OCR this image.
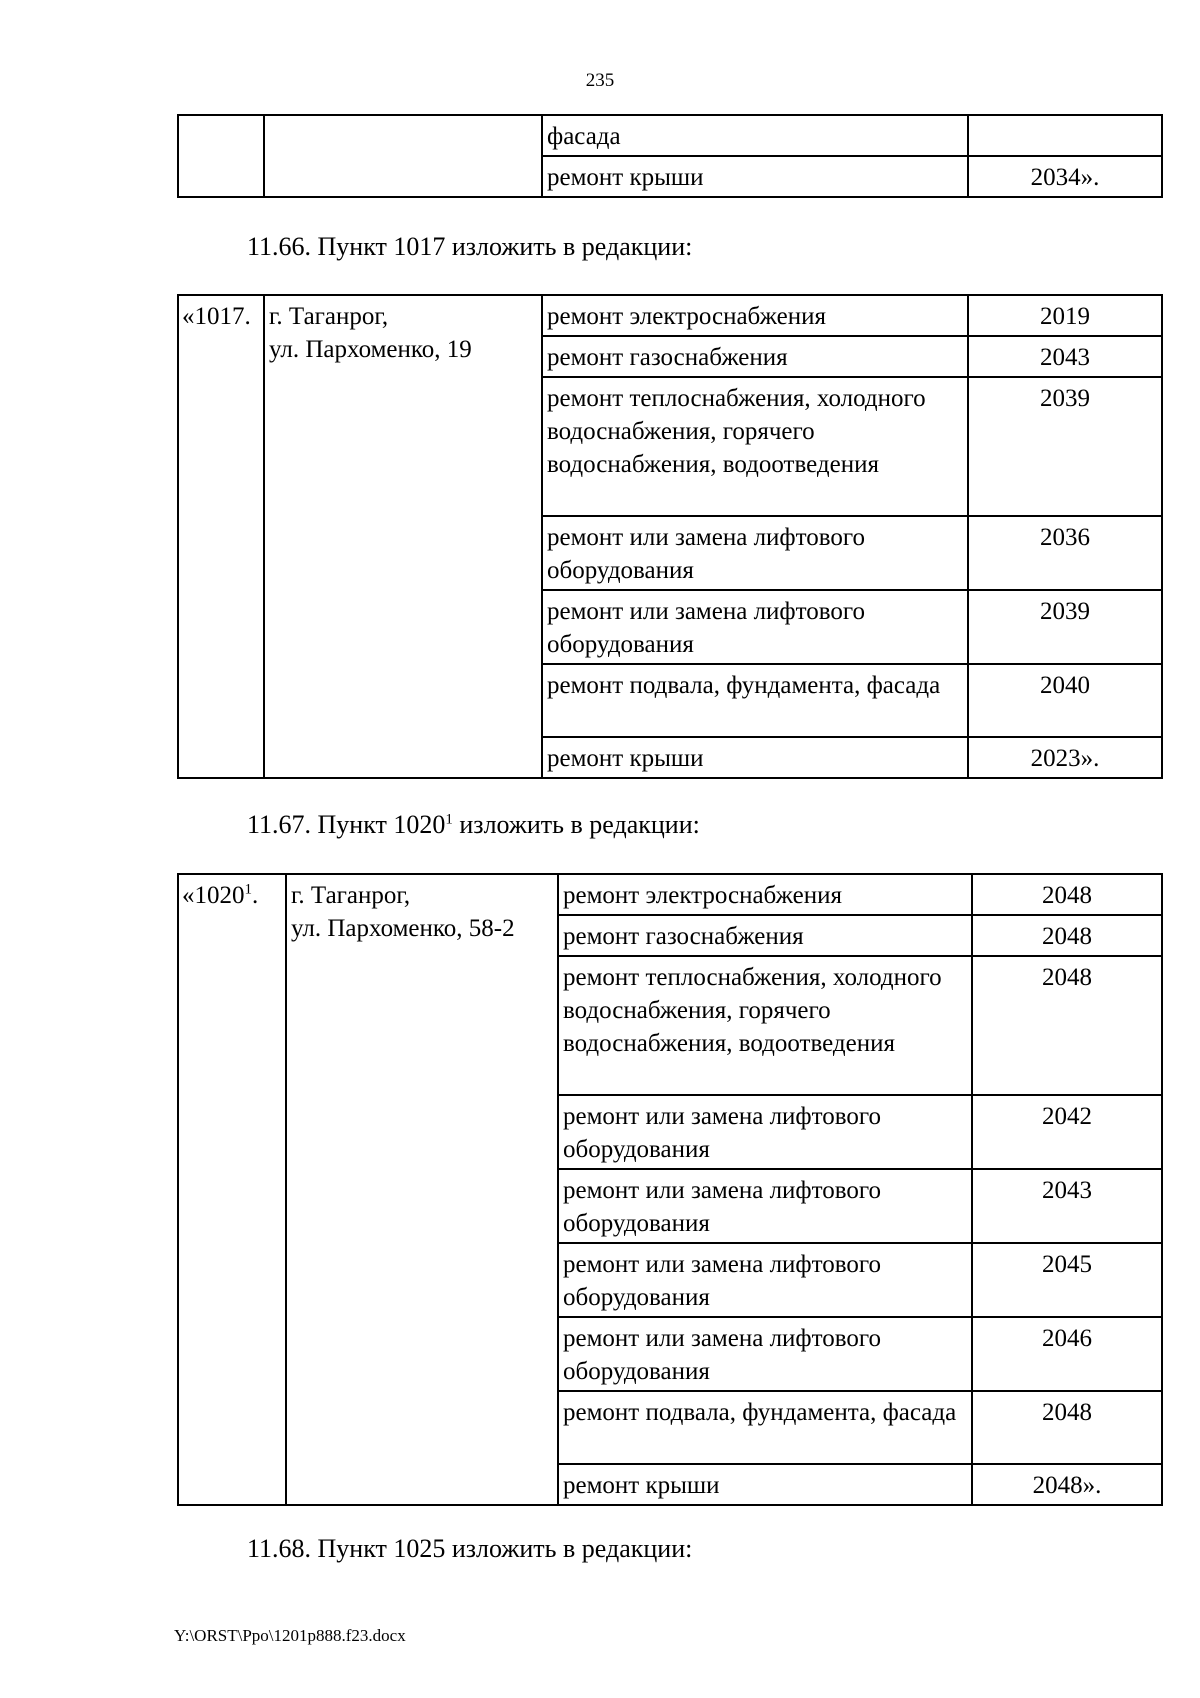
235
		фасада	
		ремонт крыши	2034».
11.66. Пункт 1017 изложить в редакции:
«1017.	г. Таганрог,
ул. Пархоменко, 19	ремонт электроснабжения	2019
		ремонт газоснабжения	2043
		ремонт теплоснабжения, холодного водоснабжения, горячего водоснабжения, водоотведения	2039
		ремонт или замена лифтового оборудования	2036
		ремонт или замена лифтового оборудования	2039
		ремонт подвала, фундамента, фасада	2040
		ремонт крыши	2023».
11.67. Пункт 1020$^1$ изложить в редакции:
«1020$^1$.	г. Таганрог,
ул. Пархоменко, 58-2	ремонт электроснабжения	2048
		ремонт газоснабжения	2048
		ремонт теплоснабжения, холодного водоснабжения, горячего водоснабжения, водоотведения	2048
		ремонт или замена лифтового оборудования	2042
		ремонт или замена лифтового оборудования	2043
		ремонт или замена лифтового оборудования	2045
		ремонт или замена лифтового оборудования	2046
		ремонт подвала, фундамента, фасада	2048
		ремонт крыши	2048».
11.68. Пункт 1025 изложить в редакции:
Y:\ORST\Ppo\1201p888.f23.docx
